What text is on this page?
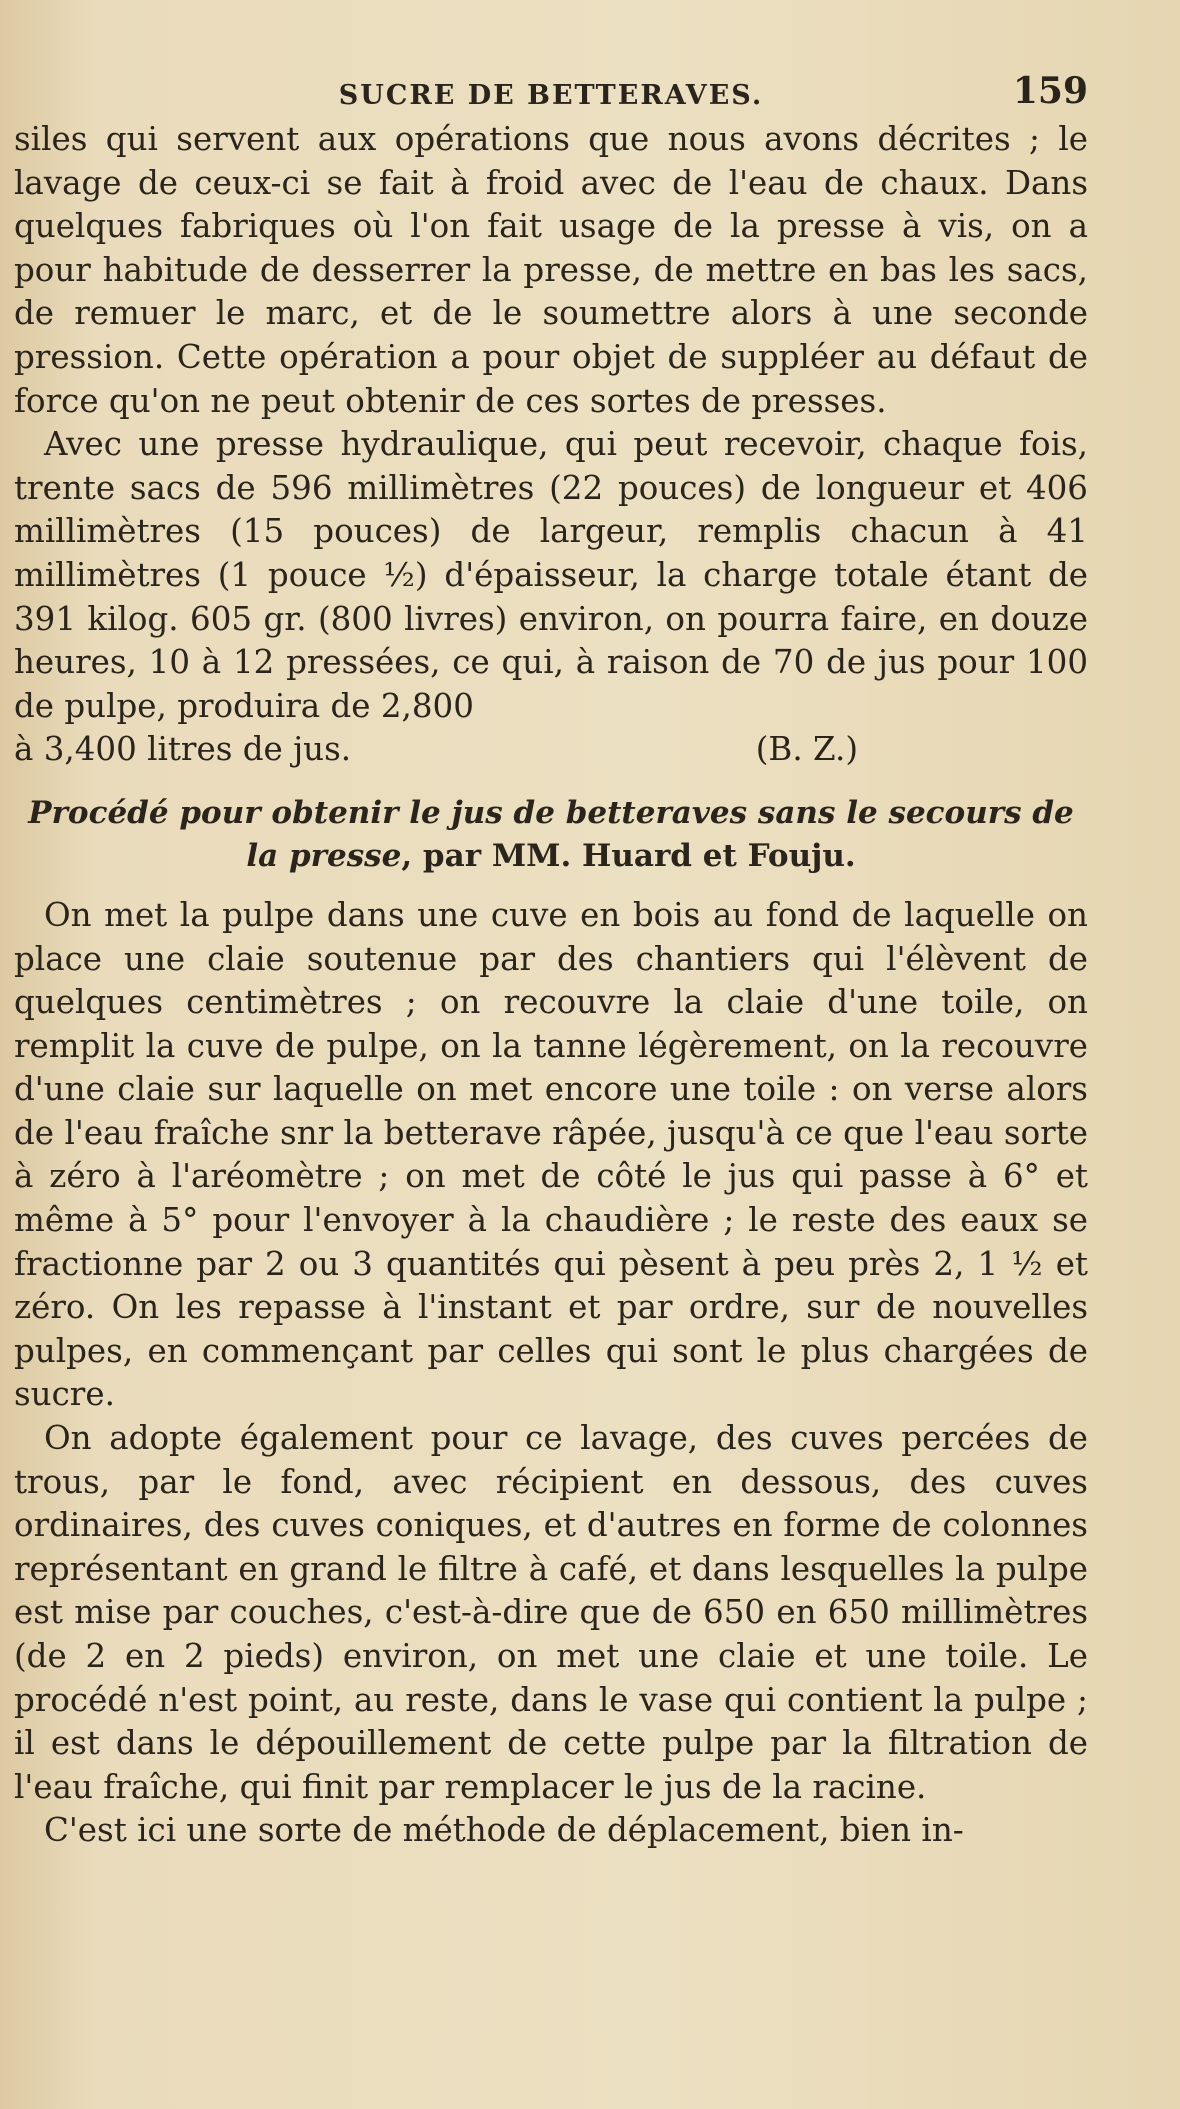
SUCRE DE BETTERAVES.	159

siles qui servent aux opérations que nous avons décrites ; le lavage de ceux-ci se fait à froid avec de l'eau de chaux. Dans quelques fabriques où l'on fait usage de la presse à vis, on a pour habitude de desserrer la presse, de mettre en bas les sacs, de remuer le marc, et de le soumettre alors à une seconde pression. Cette opération a pour objet de suppléer au défaut de force qu'on ne peut obtenir de ces sortes de presses.

Avec une presse hydraulique, qui peut recevoir, chaque fois, trente sacs de 596 millimètres (22 pouces) de longueur et 406 millimètres (15 pouces) de largeur, remplis chacun à 41 millimètres (1 pouce ½) d'épaisseur, la charge totale étant de 391 kilog. 605 gr. (800 livres) environ, on pourra faire, en douze heures, 10 à 12 pressées, ce qui, à raison de 70 de jus pour 100 de pulpe, produira de 2,800

à 3,400 litres de jus.	(B. Z.)

Procédé pour obtenir le jus de betteraves sans le secours de la presse, par MM. Huard et Fouju.

On met la pulpe dans une cuve en bois au fond de laquelle on place une claie soutenue par des chantiers qui l'élèvent de quelques centimètres ; on recouvre la claie d'une toile, on remplit la cuve de pulpe, on la tanne légèrement, on la recouvre d'une claie sur laquelle on met encore une toile : on verse alors de l'eau fraîche snr la betterave râpée, jusqu'à ce que l'eau sorte à zéro à l'aréomètre ; on met de côté le jus qui passe à 6° et même à 5° pour l'envoyer à la chaudière ; le reste des eaux se fractionne par 2 ou 3 quantités qui pèsent à peu près 2, 1 ½ et zéro. On les repasse à l'instant et par ordre, sur de nouvelles pulpes, en commençant par celles qui sont le plus chargées de sucre.

On adopte également pour ce lavage, des cuves percées de trous, par le fond, avec récipient en dessous, des cuves ordinaires, des cuves coniques, et d'autres en forme de colonnes représentant en grand le filtre à café, et dans lesquelles la pulpe est mise par couches, c'est-à-dire que de 650 en 650 millimètres (de 2 en 2 pieds) environ, on met une claie et une toile. Le procédé n'est point, au reste, dans le vase qui contient la pulpe ; il est dans le dépouillement de cette pulpe par la filtration de l'eau fraîche, qui finit par remplacer le jus de la racine.

C'est ici une sorte de méthode de déplacement, bien in-
